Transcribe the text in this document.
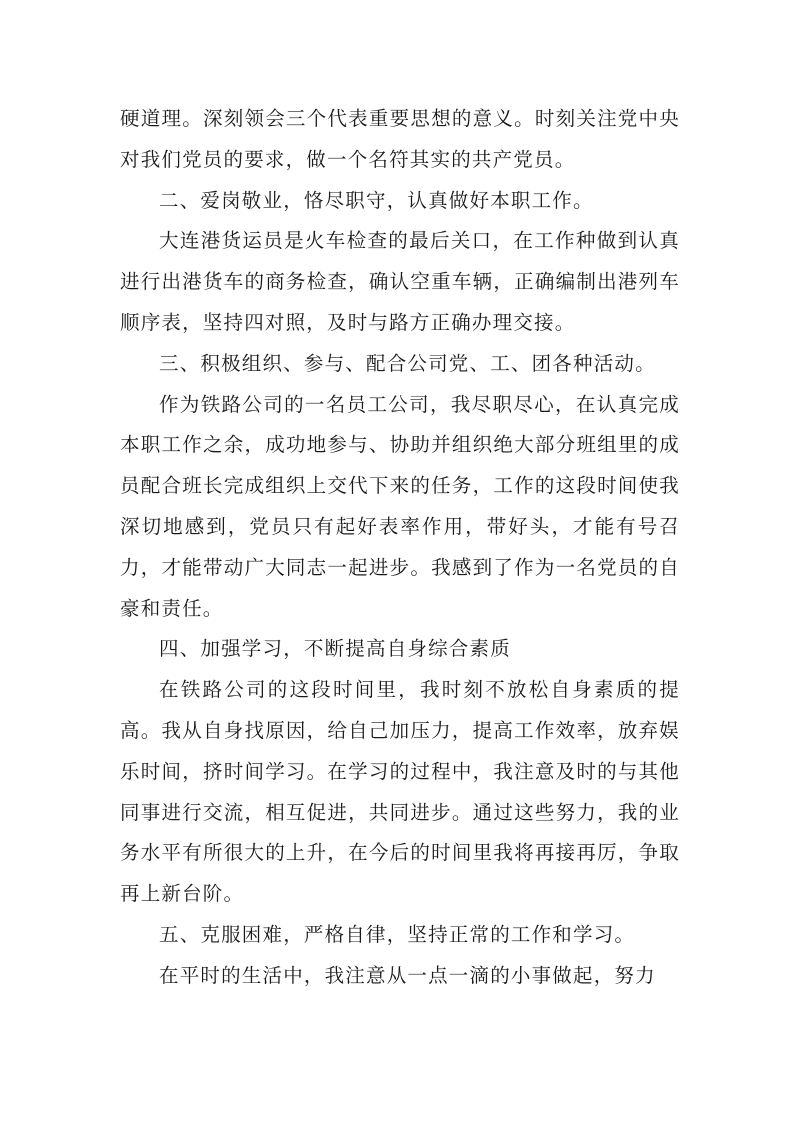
硬道理。深刻领会三个代表重要思想的意义。时刻关注党中央对我们党员的要求，做一个名符其实的共产党员。

二、爱岗敬业，恪尽职守，认真做好本职工作。

大连港货运员是火车检查的最后关口，在工作种做到认真进行出港货车的商务检查，确认空重车辆，正确编制出港列车顺序表，坚持四对照，及时与路方正确办理交接。

三、积极组织、参与、配合公司党、工、团各种活动。

作为铁路公司的一名员工公司，我尽职尽心，在认真完成本职工作之余，成功地参与、协助并组织绝大部分班组里的成员配合班长完成组织上交代下来的任务，工作的这段时间使我深切地感到，党员只有起好表率作用，带好头，才能有号召力，才能带动广大同志一起进步。我感到了作为一名党员的自豪和责任。

四、加强学习，不断提高自身综合素质

在铁路公司的这段时间里，我时刻不放松自身素质的提高。我从自身找原因，给自己加压力，提高工作效率，放弃娱乐时间，挤时间学习。在学习的过程中，我注意及时的与其他同事进行交流，相互促进，共同进步。通过这些努力，我的业务水平有所很大的上升，在今后的时间里我将再接再厉，争取再上新台阶。

五、克服困难，严格自律，坚持正常的工作和学习。

在平时的生活中，我注意从一点一滴的小事做起，努力
